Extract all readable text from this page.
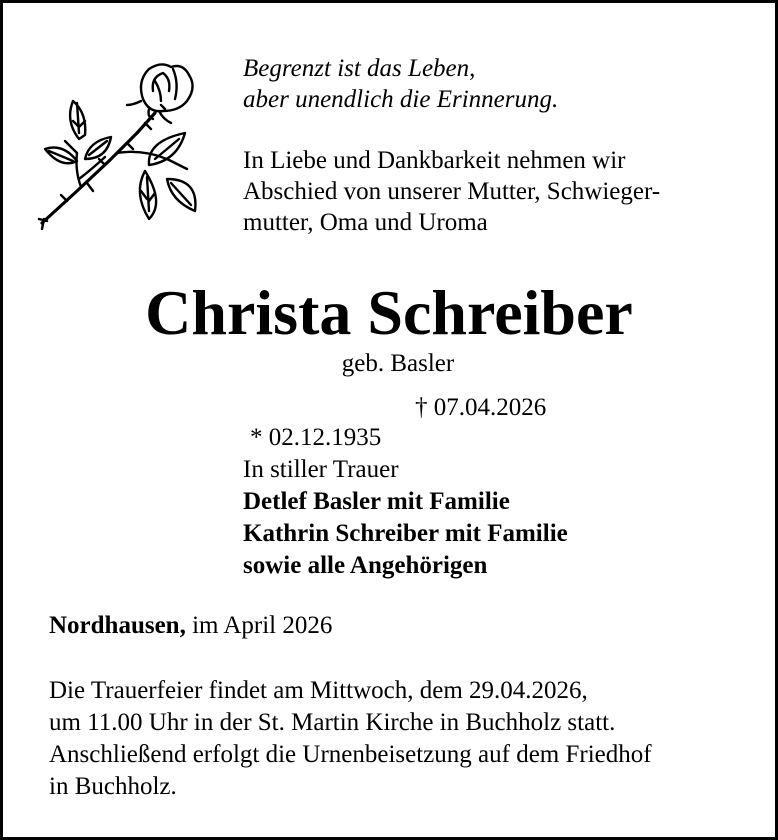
Begrenzt ist das Leben,
aber unendlich die Erinnerung.
In Liebe und Dankbarkeit nehmen wir
Abschied von unserer Mutter, Schwieger-
mutter, Oma und Uroma
Christa Schreiber
geb. Basler

* 02.12.1935

† 07.04.2026

In stiller Trauer
Detlef Basler mit Familie
Kathrin Schreiber mit Familie
sowie alle Angehörigen
Nordhausen, im April 2026
Die Trauerfeier findet am Mittwoch, dem 29.04.2026,
um 11.00 Uhr in der St. Martin Kirche in Buchholz statt.
Anschließend erfolgt die Urnenbeisetzung auf dem Friedhof
in Buchholz.
